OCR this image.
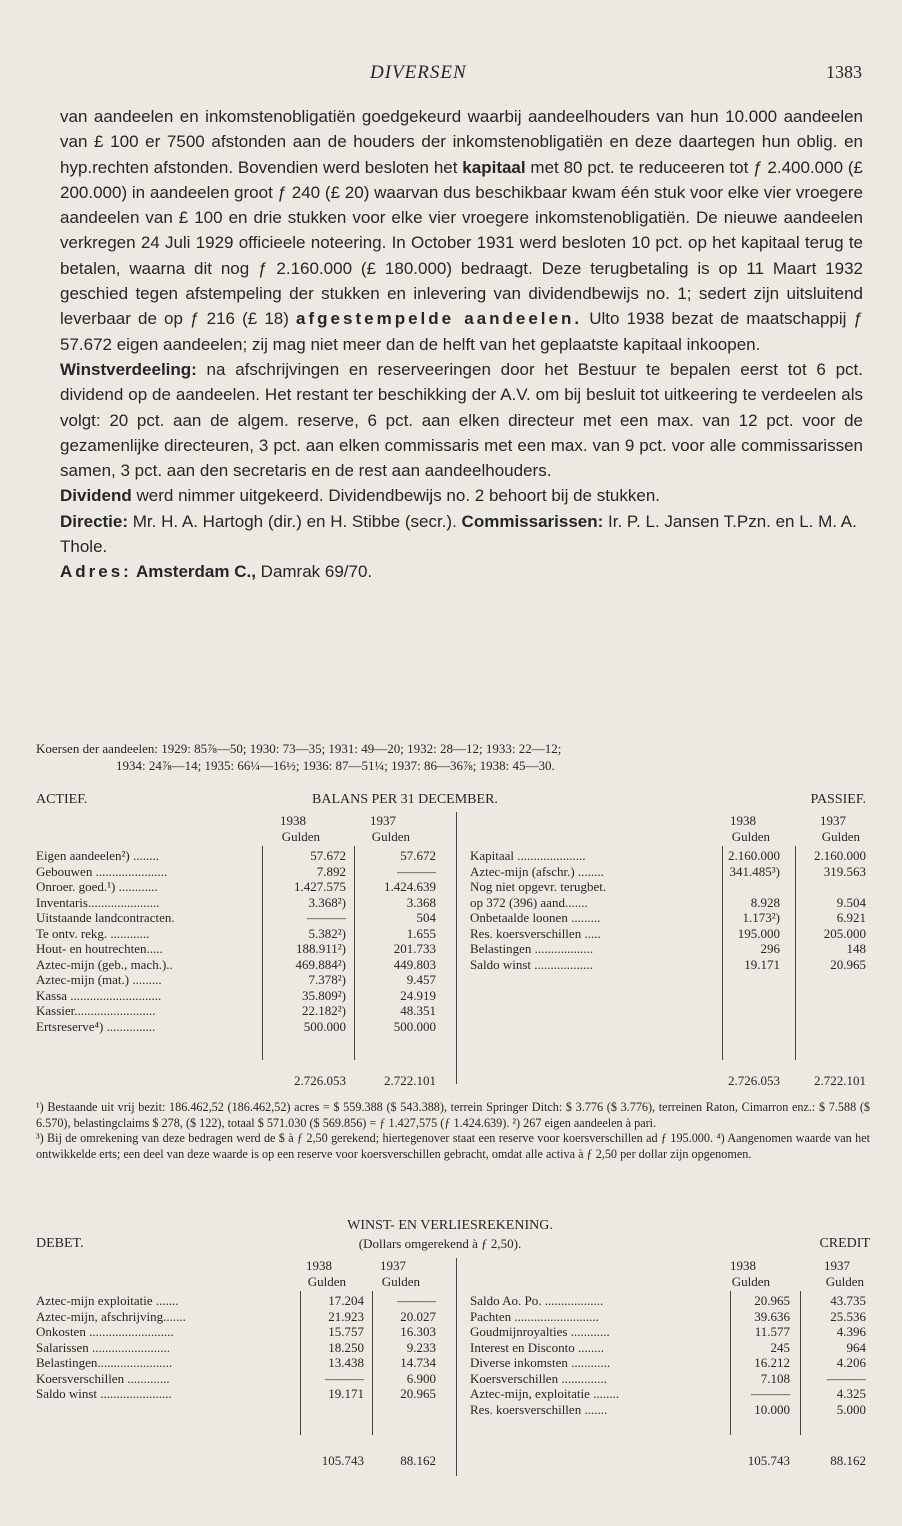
DIVERSEN	1383

van aandeelen en inkomstenobligatiën goedgekeurd waarbij aandeelhouders van hun 10.000 aandeelen van £ 100 er 7500 afstonden aan de houders der inkomstenobligatiën en deze daartegen hun oblig. en hyp.rechten afstonden. Bovendien werd besloten het kapitaal met 80 pct. te reduceeren tot ƒ 2.400.000 (£ 200.000) in aandeelen groot ƒ 240 (£ 20) waarvan dus beschikbaar kwam één stuk voor elke vier vroegere aandeelen van £ 100 en drie stukken voor elke vier vroegere inkomstenobligatiën. De nieuwe aandeelen verkregen 24 Juli 1929 officieele noteering. In October 1931 werd besloten 10 pct. op het kapitaal terug te betalen, waarna dit nog ƒ 2.160.000 (£ 180.000) bedraagt. Deze terugbetaling is op 11 Maart 1932 geschied tegen afstempeling der stukken en inlevering van dividendbewijs no. 1; sedert zijn uitsluitend leverbaar de op ƒ 216 (£ 18) afgestempelde aandeelen. Ulto 1938 bezat de maatschappij ƒ 57.672 eigen aandeelen; zij mag niet meer dan de helft van het geplaatste kapitaal inkoopen.

Winstverdeeling: na afschrijvingen en reserveeringen door het Bestuur te bepalen eerst tot 6 pct. dividend op de aandeelen. Het restant ter beschikking der A.V. om bij besluit tot uitkeering te verdeelen als volgt: 20 pct. aan de algem. reserve, 6 pct. aan elken directeur met een max. van 12 pct. voor de gezamenlijke directeuren, 3 pct. aan elken commissaris met een max. van 9 pct. voor alle commissarissen samen, 3 pct. aan den secretaris en de rest aan aandeelhouders.

Dividend werd nimmer uitgekeerd. Dividendbewijs no. 2 behoort bij de stukken.

Directie: Mr. H. A. Hartogh (dir.) en H. Stibbe (secr.). Commissarissen: Ir. P. L. Jansen T.Pzn. en L. M. A. Thole.

Adres: Amsterdam C., Damrak 69/70.

Koersen der aandeelen: 1929: 85⅞—50; 1930: 73—35; 1931: 49—20; 1932: 28—12; 1933: 22—12;
1934: 24⅞—14; 1935: 66¼—16½; 1936: 87—51¼; 1937: 86—36⅞; 1938: 45—30.
ACTIEF.	BALANS PER 31 DECEMBER.	PASSIEF.
1938	1937
Gulden	Gulden
1938	1937
Gulden	Gulden
Eigen aandeelen²) ........	57.672	57.672
Gebouwen ......................	7.892	———
Onroer. goed.¹) ............	1.427.575	1.424.639
Inventaris......................	3.368²)	3.368
Uitstaande landcontracten.	———	504
Te ontv. rekg. ............	5.382²)	1.655
Hout- en houtrechten.....	188.911²)	201.733
Aztec-mijn (geb., mach.)..	469.884²)	449.803
Aztec-mijn (mat.) .........	7.378²)	9.457
Kassa ............................	35.809²)	24.919
Kassier.........................	22.182²)	48.351
Ertsreserve⁴) ...............	500.000	500.000
Kapitaal .....................	2.160.000	2.160.000
Aztec-mijn (afschr.) ........	341.485³)	319.563
Nog niet opgevr. terugbet.
op 372 (396) aand.......	8.928	9.504
Onbetaalde loonen .........	1.173²)	6.921
Res. koersverschillen .....	195.000	205.000
Belastingen ..................	296	148
Saldo winst ..................	19.171	20.965
2.726.053	2.722.101	2.726.053	2.722.101

¹) Bestaande uit vrij bezit: 186.462,52 (186.462,52) acres = $ 559.388 ($ 543.388), terrein Springer Ditch: $ 3.776 ($ 3.776), terreinen Raton, Cimarron enz.: $ 7.588 ($ 6.570), belastingclaims $ 278, ($ 122), totaal $ 571.030 ($ 569.856) = ƒ 1.427,575 (ƒ 1.424.639). ²) 267 eigen aandeelen à pari.

³) Bij de omrekening van deze bedragen werd de $ à ƒ 2,50 gerekend; hiertegenover staat een reserve voor koersverschillen ad ƒ 195.000. ⁴) Aangenomen waarde van het ontwikkelde erts; een deel van deze waarde is op een reserve voor koersverschillen gebracht, omdat alle activa à ƒ 2,50 per dollar zijn opgenomen.

WINST- EN VERLIESREKENING.
(Dollars omgerekend à ƒ 2,50).
DEBET.	CREDIT
1938	1937
Gulden	Gulden
1938	1937
Gulden	Gulden
Aztec-mijn exploitatie .......	17.204	———
Aztec-mijn, afschrijving.......	21.923	20.027
Onkosten ..........................	15.757	16.303
Salarissen ........................	18.250	9.233
Belastingen.......................	13.438	14.734
Koersverschillen .............	———	6.900
Saldo winst ......................	19.171	20.965
Saldo Ao. Po. ..................	20.965	43.735
Pachten ..........................	39.636	25.536
Goudmijnroyalties ............	11.577	4.396
Interest en Disconto ........	245	964
Diverse inkomsten ............	16.212	4.206
Koersverschillen ..............	7.108	———
Aztec-mijn, exploitatie ........	———	4.325
Res. koersverschillen .......	10.000	5.000
105.743	88.162	105.743	88.162
